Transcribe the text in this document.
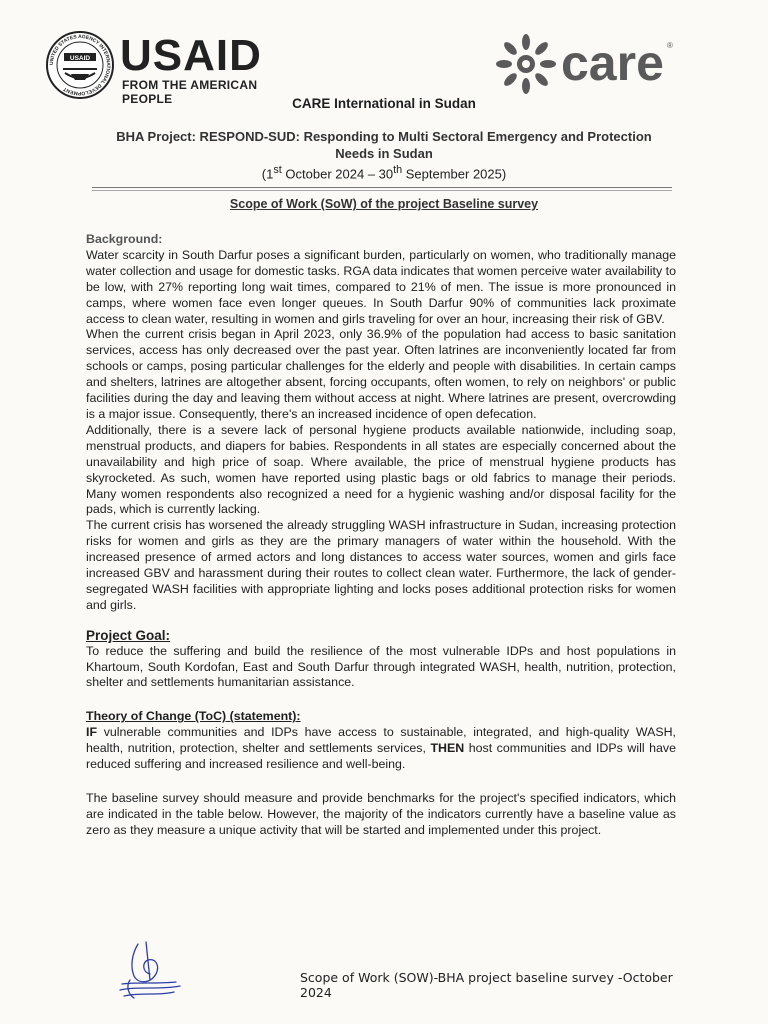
UNITED STATES AGENCY INTERNATIONAL DEVELOPMENT
USAID USAID
FROM THE AMERICAN PEOPLE
care ®
CARE International in Sudan
BHA Project: RESPOND-SUD: Responding to Multi Sectoral Emergency and Protection
Needs in Sudan
(1st October 2024 – 30th September 2025)
Scope of Work (SoW) of the project Baseline survey

Background:

Water scarcity in South Darfur poses a significant burden, particularly on women, who traditionally manage water collection and usage for domestic tasks. RGA data indicates that women perceive water availability to be low, with 27% reporting long wait times, compared to 21% of men. The issue is more pronounced in camps, where women face even longer queues. In South Darfur 90% of communities lack proximate access to clean water, resulting in women and girls traveling for over an hour, increasing their risk of GBV.

When the current crisis began in April 2023, only 36.9% of the population had access to basic sanitation services, access has only decreased over the past year. Often latrines are inconveniently located far from schools or camps, posing particular challenges for the elderly and people with disabilities. In certain camps and shelters, latrines are altogether absent, forcing occupants, often women, to rely on neighbors' or public facilities during the day and leaving them without access at night. Where latrines are present, overcrowding is a major issue. Consequently, there's an increased incidence of open defecation.

Additionally, there is a severe lack of personal hygiene products available nationwide, including soap, menstrual products, and diapers for babies. Respondents in all states are especially concerned about the unavailability and high price of soap. Where available, the price of menstrual hygiene products has skyrocketed. As such, women have reported using plastic bags or old fabrics to manage their periods. Many women respondents also recognized a need for a hygienic washing and/or disposal facility for the pads, which is currently lacking.

The current crisis has worsened the already struggling WASH infrastructure in Sudan, increasing protection risks for women and girls as they are the primary managers of water within the household. With the increased presence of armed actors and long distances to access water sources, women and girls face increased GBV and harassment during their routes to collect clean water. Furthermore, the lack of gender-segregated WASH facilities with appropriate lighting and locks poses additional protection risks for women and girls.

Project Goal:

To reduce the suffering and build the resilience of the most vulnerable IDPs and host populations in Khartoum, South Kordofan, East and South Darfur through integrated WASH, health, nutrition, protection, shelter and settlements humanitarian assistance.

Theory of Change (ToC) (statement):

IF vulnerable communities and IDPs have access to sustainable, integrated, and high-quality WASH, health, nutrition, protection, shelter and settlements services, THEN host communities and IDPs will have reduced suffering and increased resilience and well-being.

The baseline survey should measure and provide benchmarks for the project's specified indicators, which are indicated in the table below. However, the majority of the indicators currently have a baseline value as zero as they measure a unique activity that will be started and implemented under this project.

Scope of Work (SOW)-BHA project baseline survey -October 2024
